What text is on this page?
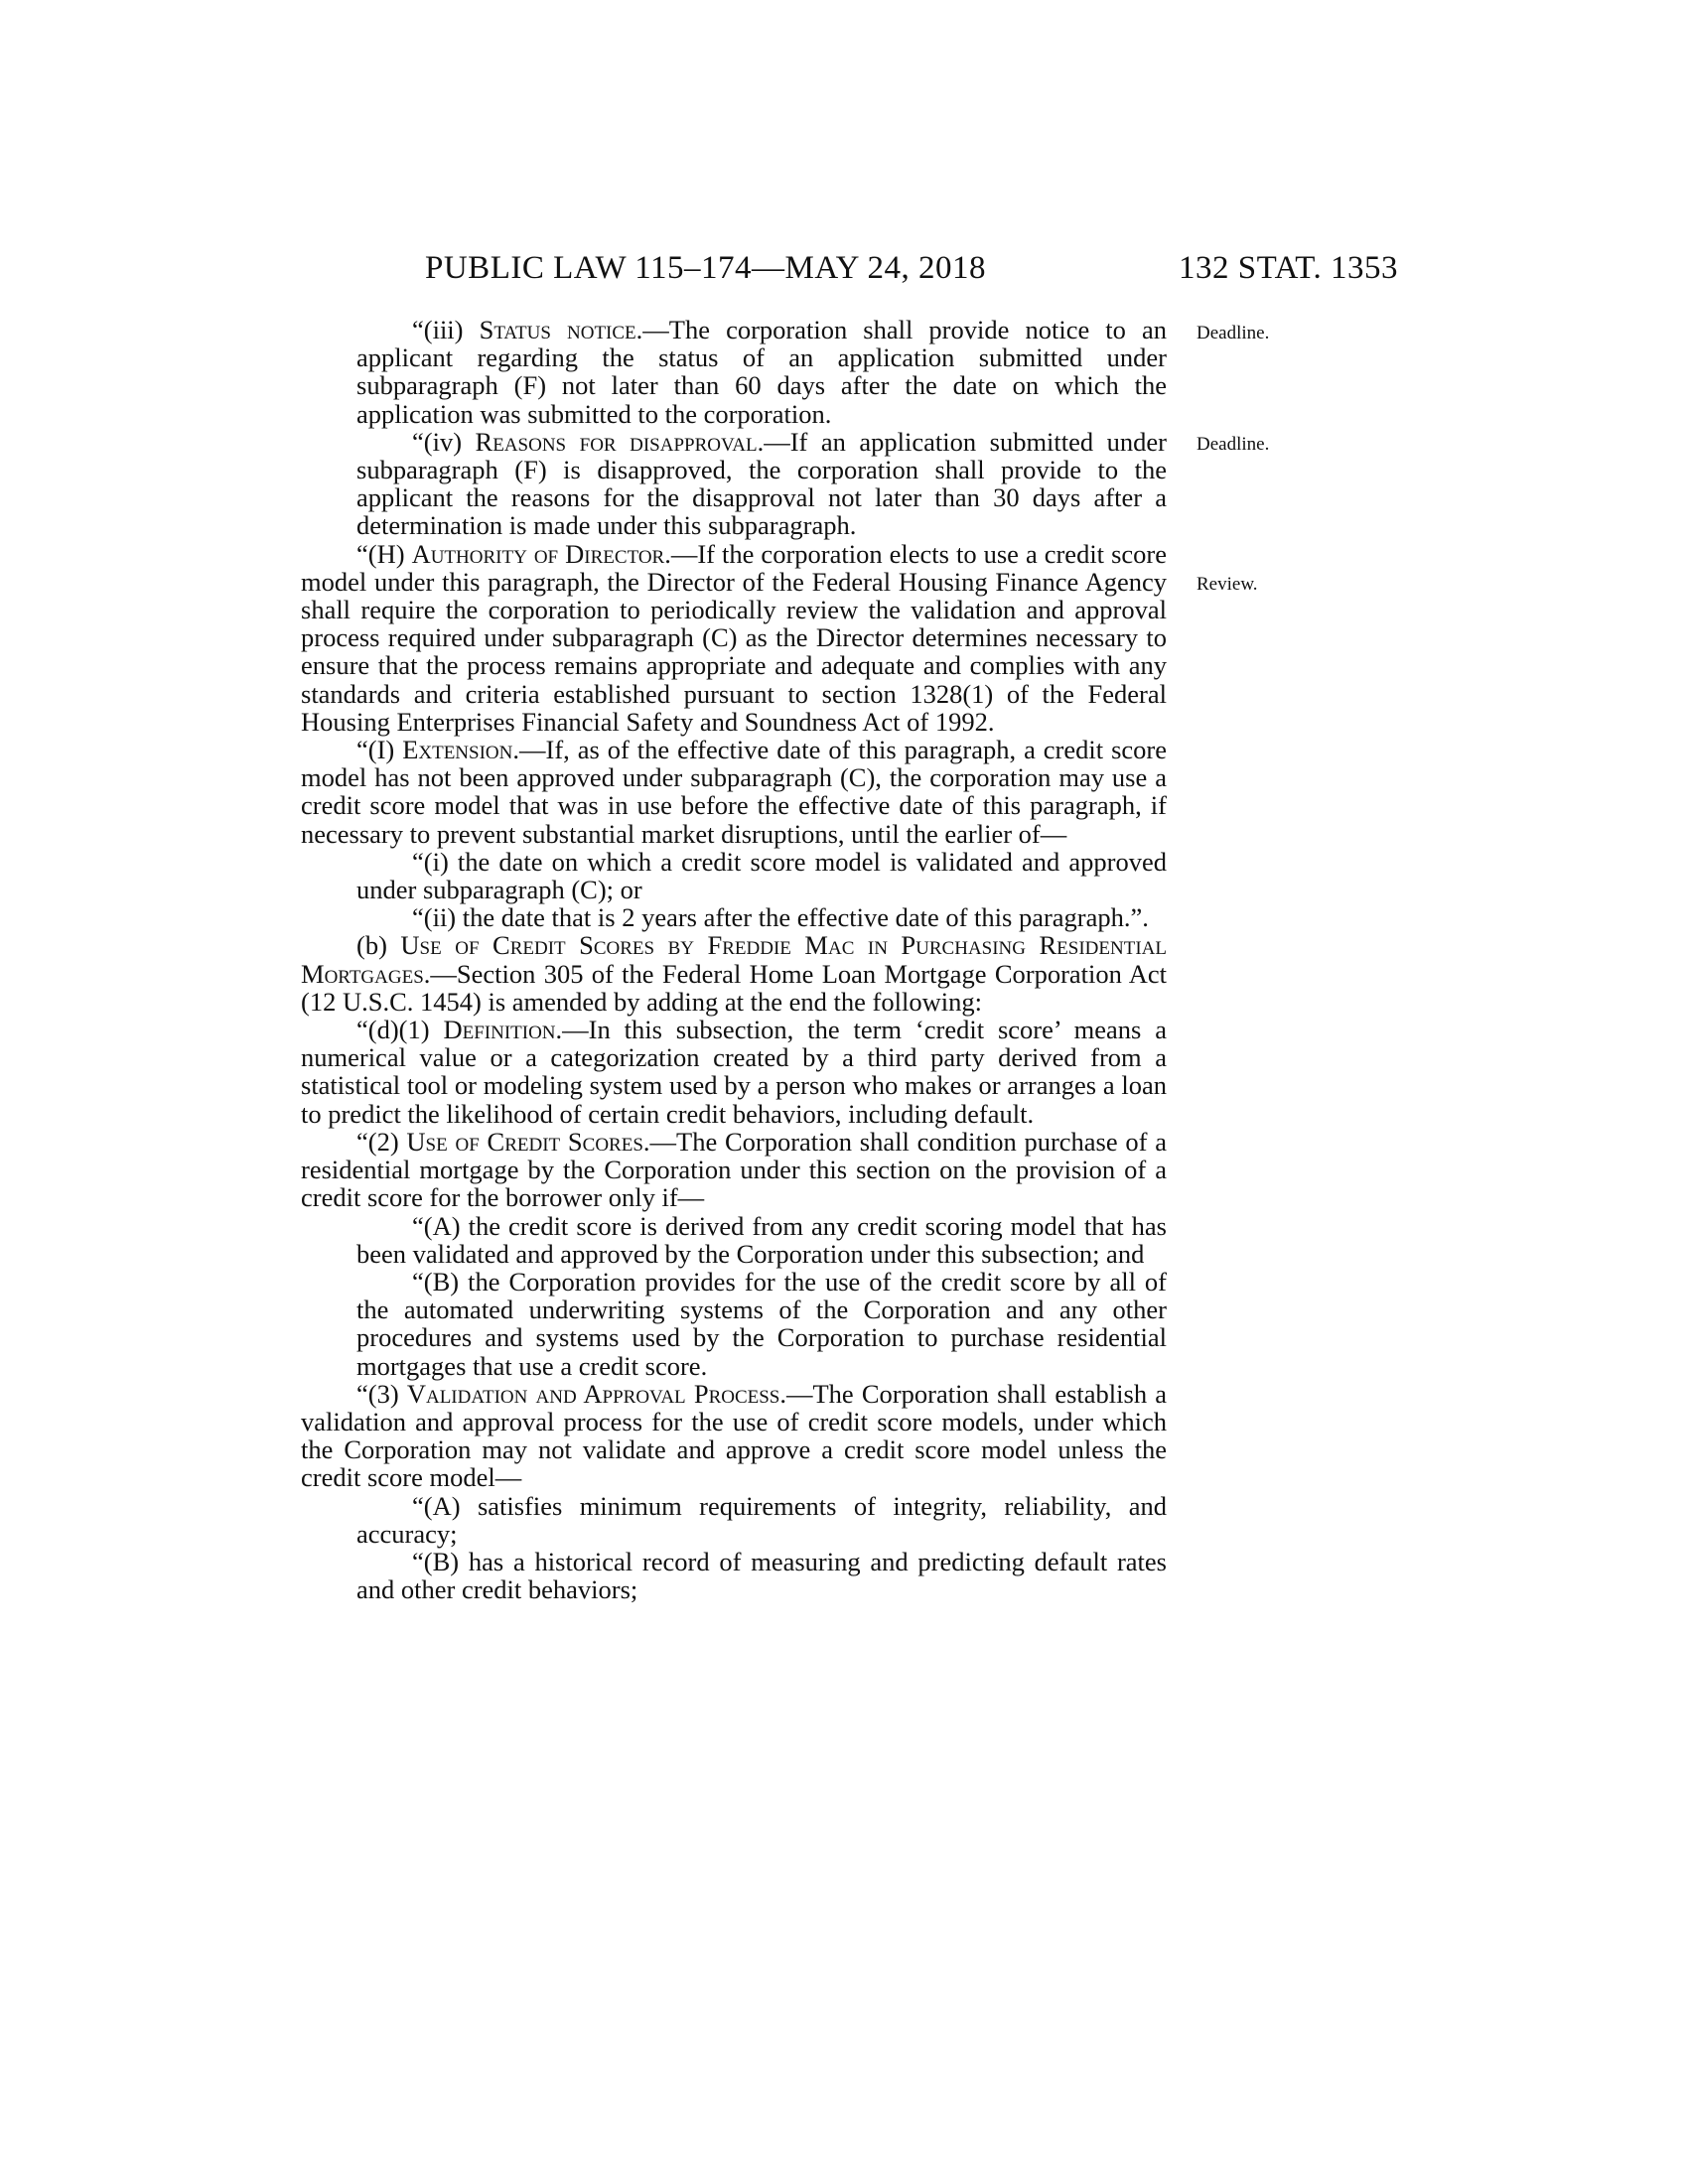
PUBLIC LAW 115–174—MAY 24, 2018	132 STAT. 1353
Deadline.
Deadline.
Review.

“(iii) Status notice.—The corporation shall provide notice to an applicant regarding the status of an application submitted under subparagraph (F) not later than 60 days after the date on which the application was submitted to the corporation.

“(iv) Reasons for disapproval.—If an application submitted under subparagraph (F) is disapproved, the corporation shall provide to the applicant the reasons for the disapproval not later than 30 days after a determination is made under this subparagraph.

“(H) Authority of Director.—If the corporation elects to use a credit score model under this paragraph, the Director of the Federal Housing Finance Agency shall require the corporation to periodically review the validation and approval process required under subparagraph (C) as the Director determines necessary to ensure that the process remains appropriate and adequate and complies with any standards and criteria established pursuant to section 1328(1) of the Federal Housing Enterprises Financial Safety and Soundness Act of 1992.

“(I) Extension.—If, as of the effective date of this paragraph, a credit score model has not been approved under subparagraph (C), the corporation may use a credit score model that was in use before the effective date of this paragraph, if necessary to prevent substantial market disruptions, until the earlier of—

“(i) the date on which a credit score model is validated and approved under subparagraph (C); or

“(ii) the date that is 2 years after the effective date of this paragraph.”.

(b) Use of Credit Scores by Freddie Mac in Purchasing Residential Mortgages.—Section 305 of the Federal Home Loan Mortgage Corporation Act (12 U.S.C. 1454) is amended by adding at the end the following:

“(d)(1) Definition.—In this subsection, the term ‘credit score’ means a numerical value or a categorization created by a third party derived from a statistical tool or modeling system used by a person who makes or arranges a loan to predict the likelihood of certain credit behaviors, including default.

“(2) Use of Credit Scores.—The Corporation shall condition purchase of a residential mortgage by the Corporation under this section on the provision of a credit score for the borrower only if—

“(A) the credit score is derived from any credit scoring model that has been validated and approved by the Corporation under this subsection; and

“(B) the Corporation provides for the use of the credit score by all of the automated underwriting systems of the Corporation and any other procedures and systems used by the Corporation to purchase residential mortgages that use a credit score.

“(3) Validation and Approval Process.—The Corporation shall establish a validation and approval process for the use of credit score models, under which the Corporation may not validate and approve a credit score model unless the credit score model—

“(A) satisfies minimum requirements of integrity, reliability, and accuracy;

“(B) has a historical record of measuring and predicting default rates and other credit behaviors;
